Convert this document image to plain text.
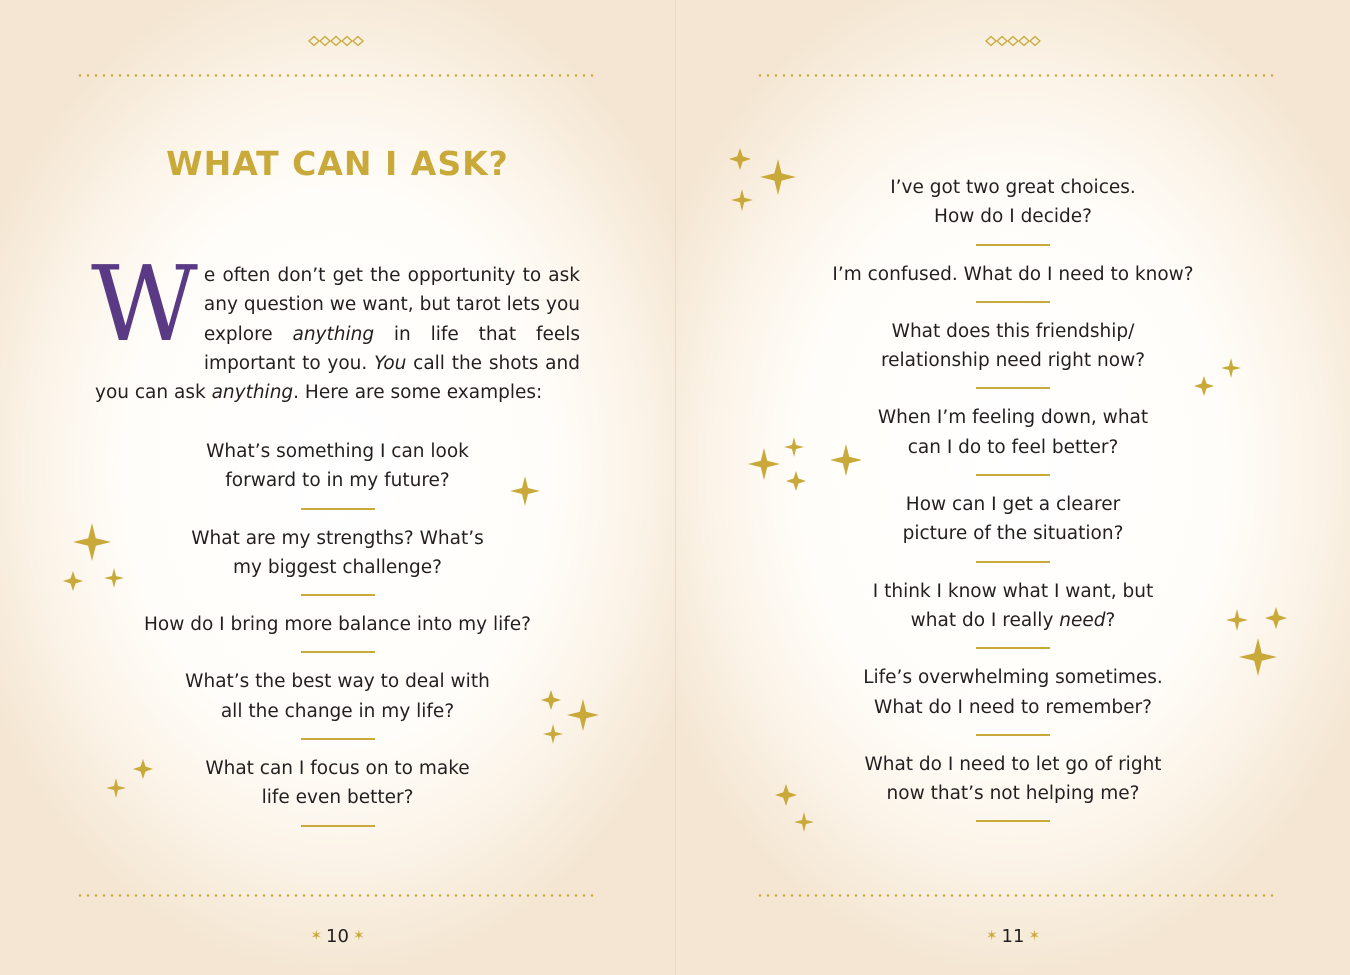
WHAT CAN I ASK?

We often don’t get the opportunity to ask any question we want, but tarot lets you explore anything in life that feels important to you. You call the shots and you can ask anything. Here are some examples:

What’s something I can look

forward to in my future?

What are my strengths? What’s

my biggest challenge?

How do I bring more balance into my life?

What’s the best way to deal with

all the change in my life?

What can I focus on to make

life even better?

✶ 10 ✶

I’ve got two great choices.

How do I decide?

I’m confused. What do I need to know?

What does this friendship/

relationship need right now?

When I’m feeling down, what

can I do to feel better?

How can I get a clearer

picture of the situation?

I think I know what I want, but

what do I really need?

Life’s overwhelming sometimes.

What do I need to remember?

What do I need to let go of right

now that’s not helping me?

✶ 11 ✶
